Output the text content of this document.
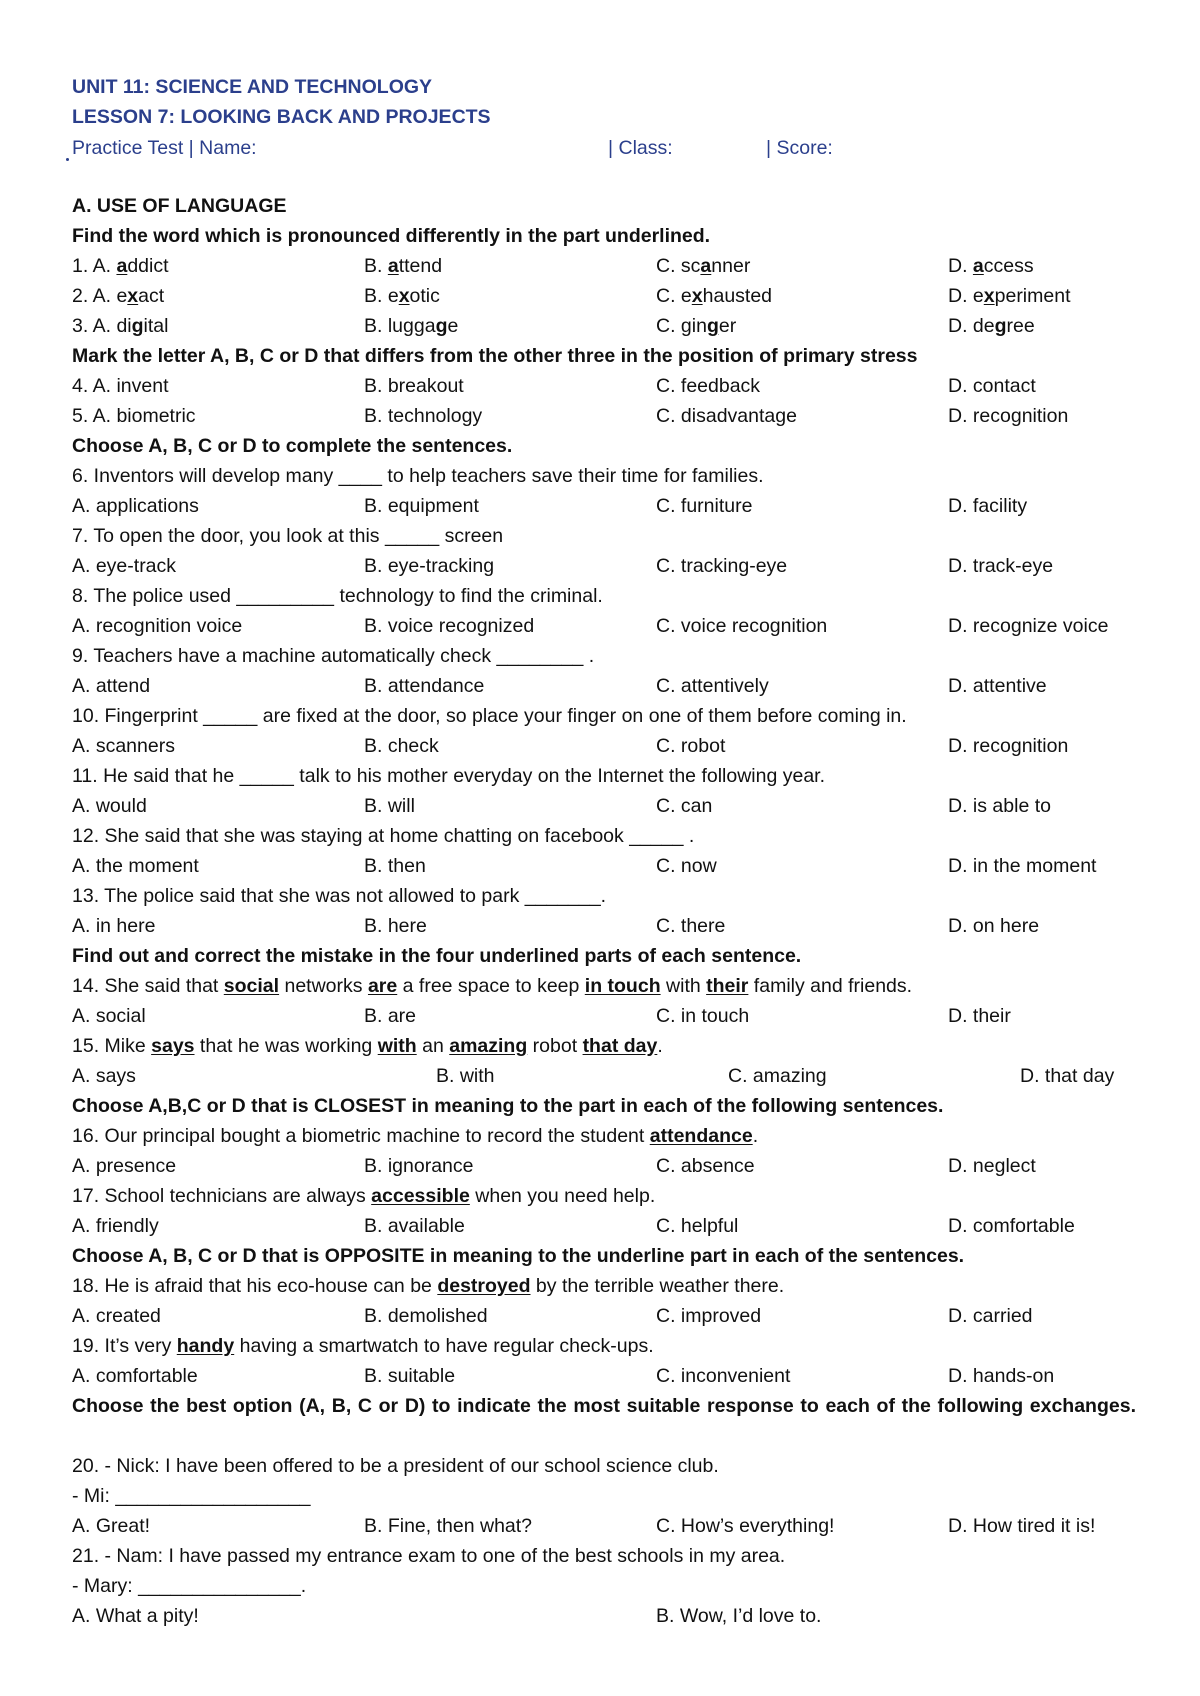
UNIT 11: SCIENCE AND TECHNOLOGY
LESSON 7: LOOKING BACK AND PROJECTS
Practice Test | Name:	| Class:	| Score:
A. USE OF LANGUAGE
Find the word which is pronounced differently in the part underlined.
1. A. addict	B. attend	C. scanner	D. access
2. A. exact	B. exotic	C. exhausted	D. experiment
3. A. digital	B. luggage	C. ginger	D. degree
Mark the letter A, B, C or D that differs from the other three in the position of primary stress
4. A. invent	B. breakout	C. feedback	D. contact
5. A. biometric	B. technology	C. disadvantage	D. recognition
Choose A, B, C or D to complete the sentences.
6. Inventors will develop many ____ to help teachers save their time for families.
A. applications	B. equipment	C. furniture	D. facility
7. To open the door, you look at this _____ screen
A. eye-track	B. eye-tracking	C. tracking-eye	D. track-eye
8. The police used _________ technology to find the criminal.
A. recognition voice	B. voice recognized	C. voice recognition	D. recognize voice
9. Teachers have a machine automatically check ________ .
A. attend	B. attendance	C. attentively	D. attentive
10. Fingerprint _____ are fixed at the door, so place your finger on one of them before coming in.
A. scanners	B. check	C. robot	D. recognition
11. He said that he _____ talk to his mother everyday on the Internet the following year.
A. would	B. will	C. can	D. is able to
12. She said that she was staying at home chatting on facebook _____ .
A. the moment	B. then	C. now	D. in the moment
13. The police said that she was not allowed to park _______.
A. in here	B. here	C. there	D. on here
Find out and correct the mistake in the four underlined parts of each sentence.
14. She said that social networks are a free space to keep in touch with their family and friends.
A. social	B. are	C. in touch	D. their
15. Mike says that he was working with an amazing robot that day.
A. says	B. with	C. amazing	D. that day
Choose A,B,C or D that is CLOSEST in meaning to the part in each of the following sentences.
16. Our principal bought a biometric machine to record the student attendance.
A. presence	B. ignorance	C. absence	D. neglect
17. School technicians are always accessible when you need help.
A. friendly	B. available	C. helpful	D. comfortable
Choose A, B, C or D that is OPPOSITE in meaning to the underline part in each of the sentences.
18. He is afraid that his eco-house can be destroyed by the terrible weather there.
A. created	B. demolished	C. improved	D. carried
19. It’s very handy having a smartwatch to have regular check-ups.
A. comfortable	B. suitable	C. inconvenient	D. hands-on
Choose the best option (A, B, C or D) to indicate the most suitable response to each of the following exchanges.
20. - Nick: I have been offered to be a president of our school science club.
- Mi: __________________
A. Great!	B. Fine, then what?	C. How’s everything!	D. How tired it is!
21. - Nam: I have passed my entrance exam to one of the best schools in my area.
- Mary: _______________.
A. What a pity!	B. Wow, I’d love to.
